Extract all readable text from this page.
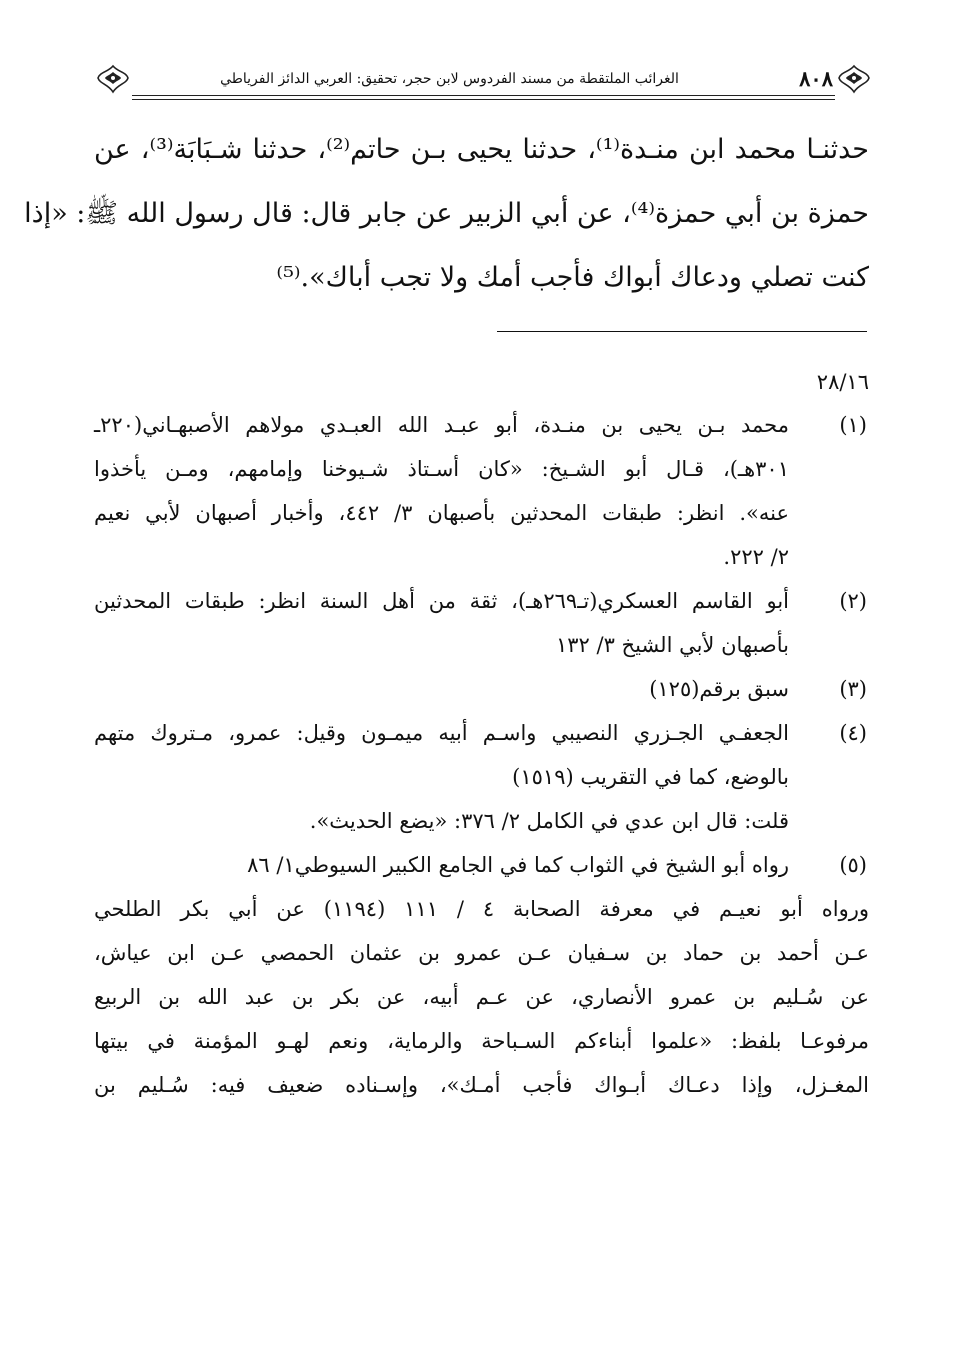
٨٠٨
الغرائب الملتقطة من مسند الفردوس لابن حجر، تحقيق: العربي الدائز الفرياطي
حدثنـا محمد ابن منـدة⁽¹⁾، حدثنا يحيى بـن حاتم⁽²⁾، حدثنا شـبَابَة⁽³⁾، عن
حمزة بن أبي حمزة⁽⁴⁾، عن أبي الزبير عن جابر قال: قال رسول الله ﷺ: «إذا
كنت تصلي ودعاك أبواك فأجب أمك ولا تجب أباك».⁽⁵⁾
٢٨/١٦
(١)
محمد بـن يحيى بن منـدة، أبو عبـد الله العبـدي مولاهم الأصبهـاني(٢٢٠ـ
٣٠١هـ)، قـال أبو الشـيخ: «كان أسـتاذ شـيوخنا وإمامهم، ومـن يأخذوا
عنه». انظر: طبقات المحدثين بأصبهان ٣/ ٤٤٢، وأخبار أصبهان لأبي نعيم
٢/ ٢٢٢.
(٢)
أبو القاسم العسكري(تـ٢٦٩هـ)، ثقة من أهل السنة انظر: طبقات المحدثين
بأصبهان لأبي الشيخ ٣/ ١٣٢
(٣)
سبق برقم(١٢٥)
(٤)
الجعفـي الجـزري النصيبي واسـم أبيه ميمـون وقيل: عمرو، مـتروك متهم
بالوضع، كما في التقريب (١٥١٩)
قلت: قال ابن عدي في الكامل ٢/ ٣٧٦: «يضع الحديث».
(٥)
رواه أبو الشيخ في الثواب كما في الجامع الكبير السيوطي١/ ٨٦
ورواه أبو نعيـم في معرفة الصحابة ٤ / ١١١ (١١٩٤) عن أبي بكر الطلحي
عـن أحمد بن حماد بن سـفيان عـن عمرو بن عثمان الحمصي عـن ابن عياش،
عن سُـليم بن عمرو الأنصاري، عن عـم أبيه، عن بكر بن عبد الله بن الربيع
مرفوعـا بلفظ: «علموا أبناءكم السـباحة والرماية، ونعم لهـو المؤمنة في بيتها
المغـزل، وإذا دعـاك أبـواك فأجب أمـك»، وإسـناده ضعيف فيه: سُـليم بن
